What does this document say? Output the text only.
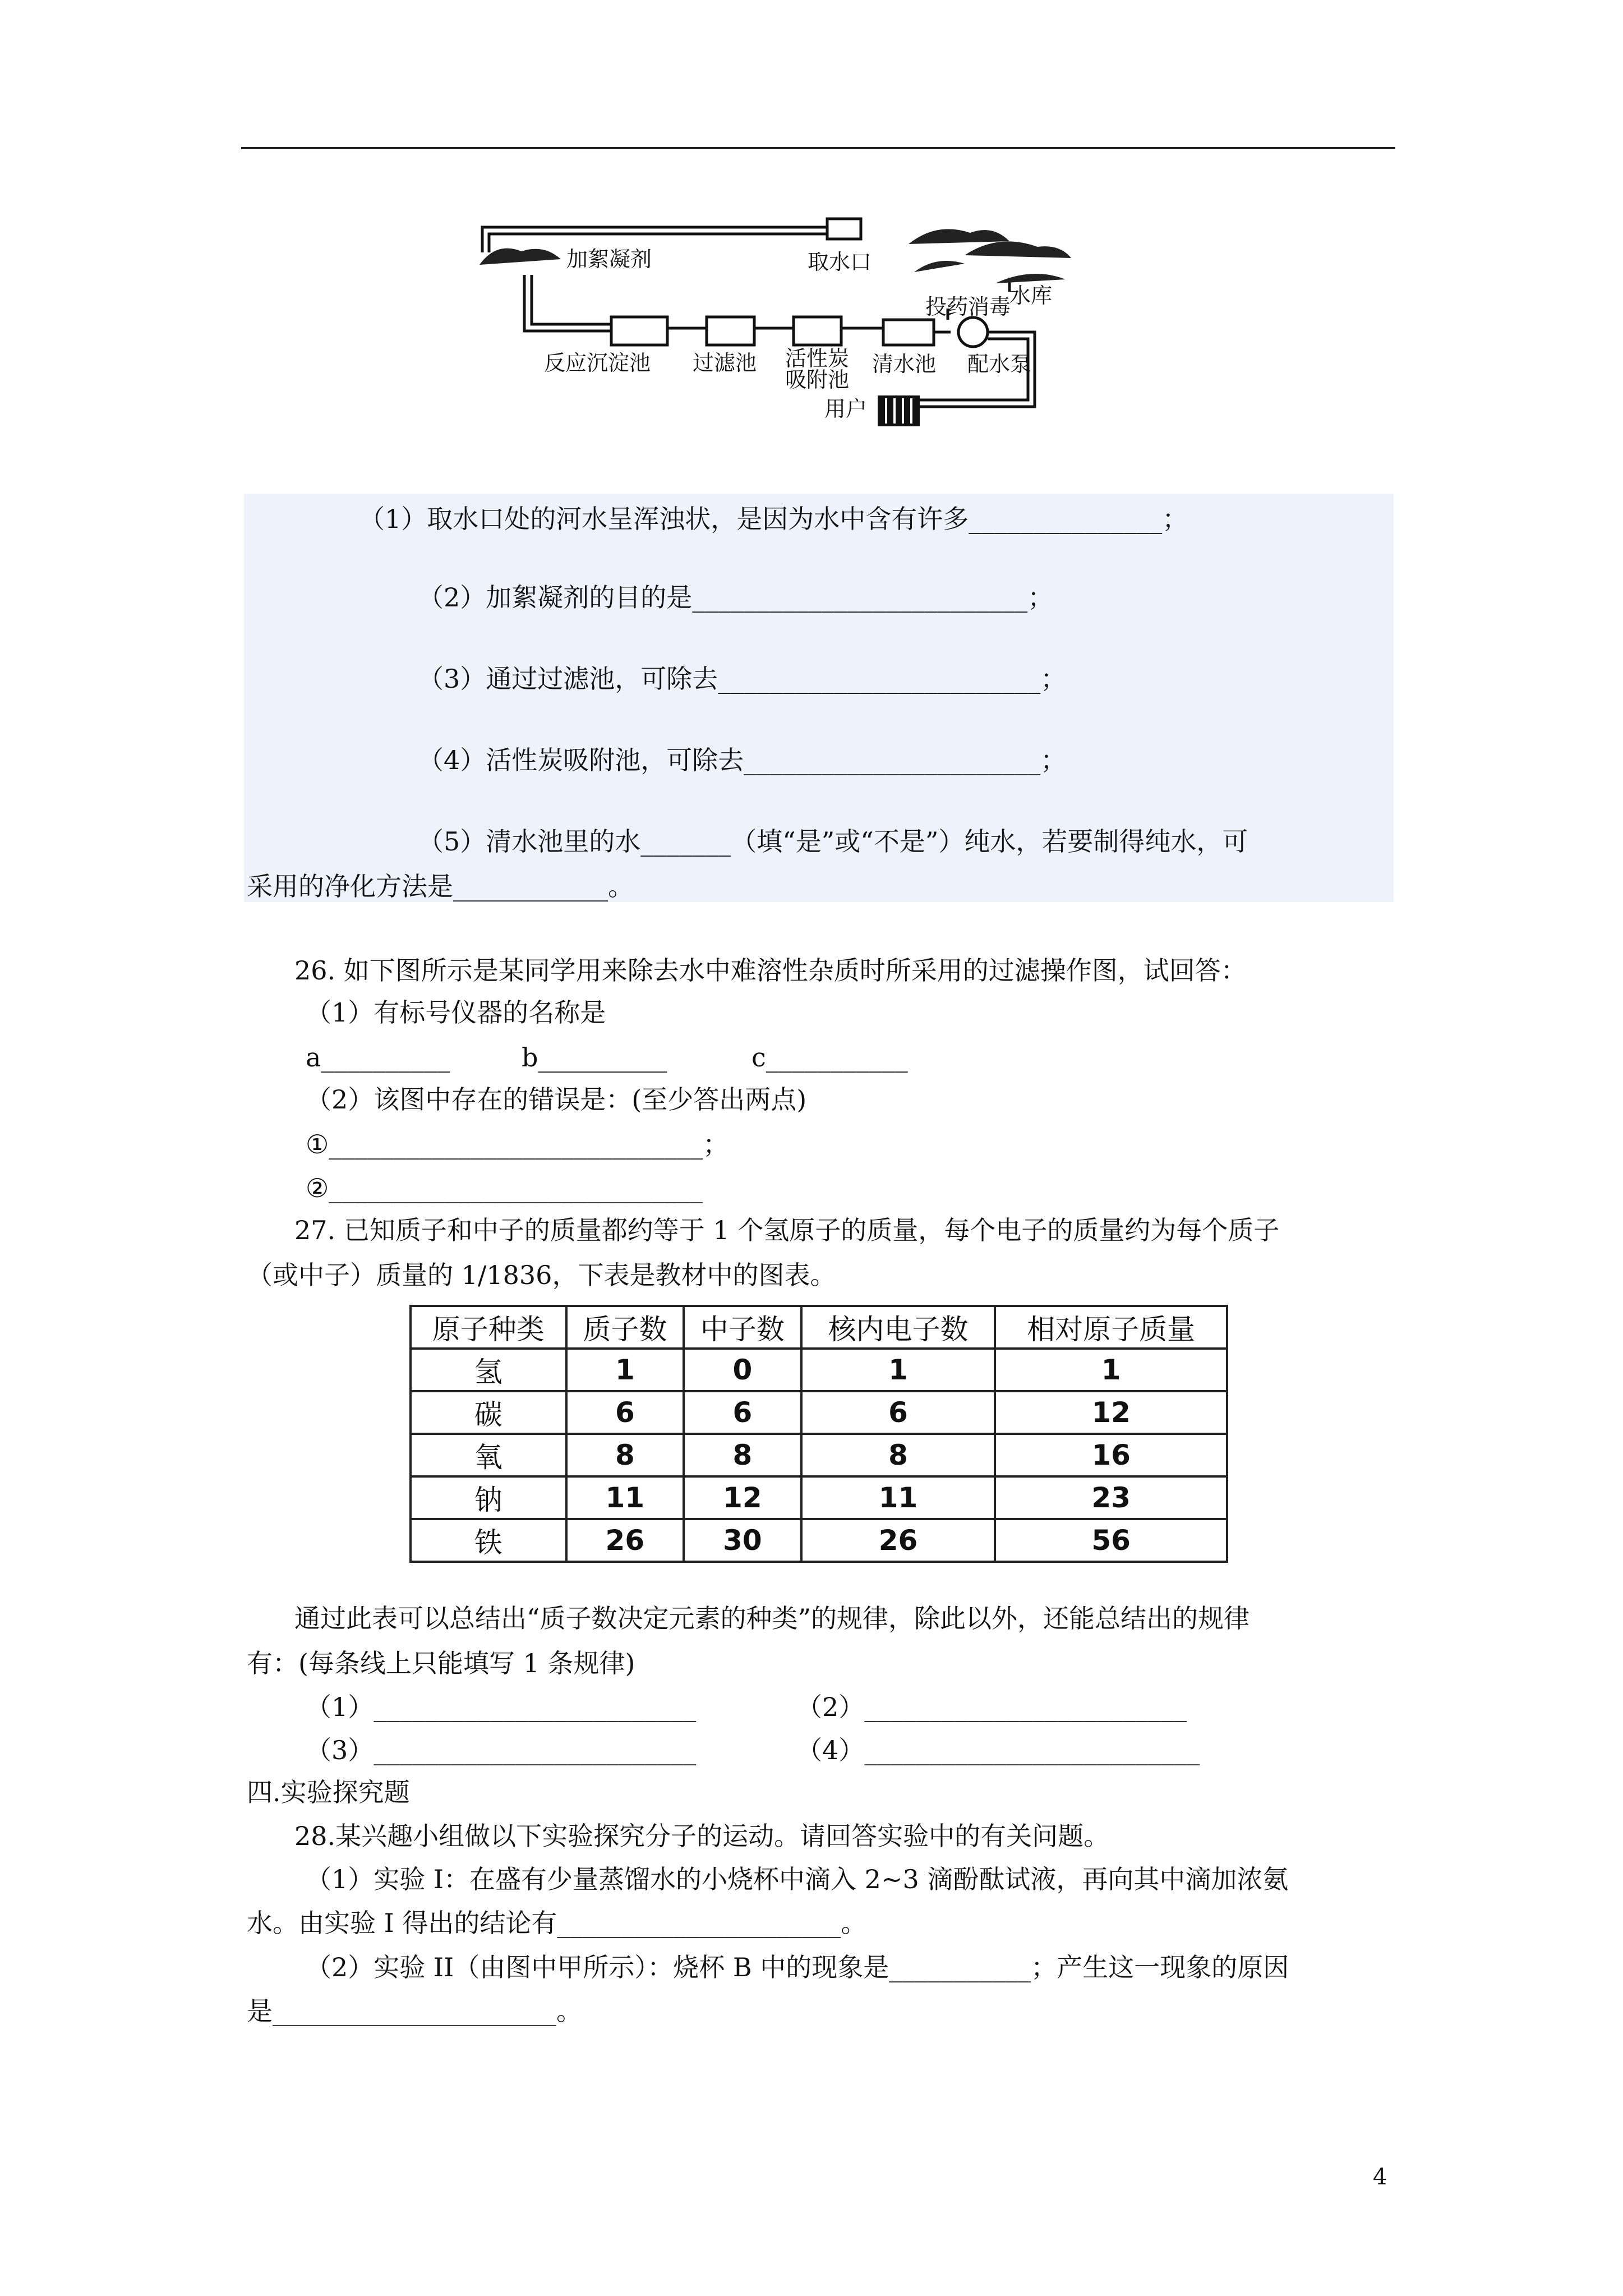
加絮凝剂	取水口
水库
投药消毒
反应沉淀池 过滤池 活性炭
吸附池
清水池 配水泵
用户
（1）取水口处的河水呈浑浊状，是因为水中含有许多_______________；
（2）加絮凝剂的目的是__________________________；
（3）通过过滤池，可除去_________________________；
（4）活性炭吸附池，可除去_______________________；
（5）清水池里的水_______（填“是”或“不是”）纯水，若要制得纯水，可
采用的净化方法是____________。
26. 如下图所示是某同学用来除去水中难溶性杂质时所采用的过滤操作图，试回答：
（1）有标号仪器的名称是
a__________	b__________	c___________
（2）该图中存在的错误是：(至少答出两点)
①_____________________________；
②_____________________________
27. 已知质子和中子的质量都约等于 1 个氢原子的质量，每个电子的质量约为每个质子
（或中子）质量的 1/1836，下表是教材中的图表。
原子种类	质子数	中子数	核内电子数	相对原子质量
氢	1	0	1	1
碳	6	6	6	12
氧	8	8	8	16
钠	11	12	11	23
铁	26	30	26	56
通过此表可以总结出“质子数决定元素的种类”的规律，除此以外，还能总结出的规律
有：(每条线上只能填写 1 条规律)
（1）_________________________	（2）_________________________
（3）_________________________	（4）__________________________
四.实验探究题
28.某兴趣小组做以下实验探究分子的运动。请回答实验中的有关问题。
（1）实验 I：在盛有少量蒸馏水的小烧杯中滴入 2~3 滴酚酞试液，再向其中滴加浓氨
水。由实验 I 得出的结论有______________________。
（2）实验 II（由图中甲所示）：烧杯 B 中的现象是___________；产生这一现象的原因
是______________________。
4
